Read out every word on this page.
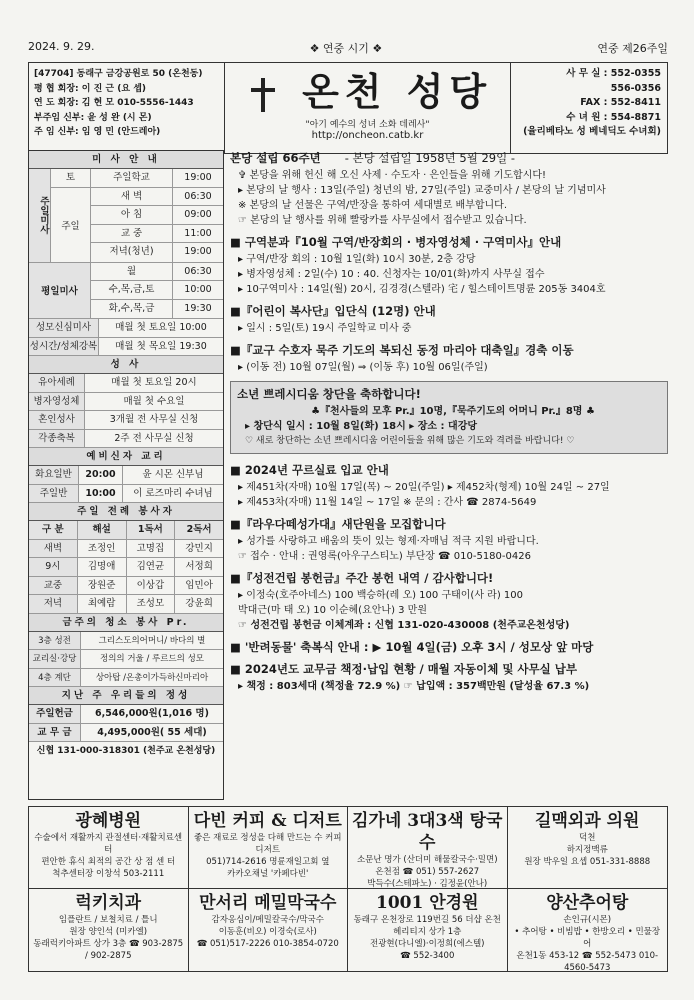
2024. 9. 29.	❖ 연중 시기 ❖	연중 제26주일
[47704] 동래구 금강공원로 50 (온천동)
평 협 회장: 이 진 근 (요 셉)
연 도 회장: 김 현 모 010-5556-1443
부주임 신부: 윤 성 완 (시 몬)
주 임 신부: 임 영 민 (안드레아)
온천 성당
"아기 예수의 성녀 소화 데레사"
http://oncheon.catb.kr
사 무 실 : 552-0355
556-0356
FAX : 552-8411
수 녀 원 : 554-8871
(율리베타노 성 베네딕도 수녀회)
미 사 안 내
주일미사
토	주일학교	19:00
주일
새 벽	06:30
아 침	09:00
교 중	11:00
저녁(청년)	19:00
평일미사
월	06:30
수,목,금,토	10:00
화,수,목,금	19:30
성모신심미사	매월 첫 토요일 10:00
성시간/성체강복	매월 첫 목요일 19:30
성 사
유아세례	매월 첫 토요일 20시
병자영성체	매월 첫 수요일
혼인성사	3개월 전 사무실 신청
각종축복	2주 전 사무실 신청
예비신자 교리
화요일반	20:00	윤 시몬 신부님
주일반	10:00	이 로즈마리 수녀님
주일 전례 봉사자
구 분	해설	1독서	2독서
새벽	조정인	고명집	강민지
9시	김명애	김연균	서정희
교중	장원준	이상갑	임민아
저녁	최예람	조성모	강윤희
금주의 청소 봉사 Pr.
3층 성전	그리스도의어머니/ 바다의 별
교리실·강당	정의의 거울 / 루르드의 성모
4층 계단	상아탑 /온총이가득하신마리아
지난 주 우리들의 정성
주일헌금	6,546,000원(1,016 명)
교 무 금	4,495,000원( 55 세대)
신협 131-000-318301 (천주교 온천성당)
본당 설립 66주년 - 본당 설립일 1958년 5월 29일 -
✞ 본당을 위해 헌신 해 오신 사제 · 수도자 · 은인들을 위해 기도합시다!
▸ 본당의 날 행사 : 13일(주일) 청년의 밤, 27일(주일) 교중미사 / 본당의 날 기념미사
※ 본당의 날 선물은 구역/반장을 통하여 세대별로 배부합니다.
☞ 본당의 날 행사를 위해 빨랑카를 사무실에서 접수받고 있습니다.
■ 구역분과『10월 구역/반장회의 · 병자영성체 · 구역미사』안내
▸ 구역/반장 회의 : 10월 1일(화) 10시 30분, 2층 강당
▸ 병자영성체 : 2일(수) 10 : 40. 신청자는 10/01(화)까지 사무실 접수
▸ 10구역미사 : 14일(월) 20시, 김경경(스텔라) 宅 / 힐스테이트명륜 205동 3404호
■『어린이 복사단』입단식 (12명) 안내
▸ 일시 : 5일(토) 19시 주일학교 미사 중
■『교구 수호자 묵주 기도의 복되신 동정 마리아 대축일』경축 이동
▸ (이동 전) 10월 07일(월) ⇒ (이동 후) 10월 06일(주일)
소년 쁘레시디움 창단을 축하합니다!
♣『천사들의 모후 Pr.』10명,『묵주기도의 어머니 Pr.』8명 ♣
▸ 창단식 일시 : 10월 8일(화) 18시 ▸ 장소 : 대강당
♡ 새로 창단하는 소년 쁘레시디움 어린이들을 위해 많은 기도와 격려를 바랍니다! ♡
■ 2024년 꾸르실료 입교 안내
▸ 제451차(자매) 10월 17일(목) ~ 20일(주일) ▸ 제452차(형제) 10월 24일 ~ 27일
▸ 제453차(자매) 11월 14일 ~ 17일 ※ 문의 : 간사 ☎ 2874-5649
■『라우다떼성가대』새단원을 모집합니다
▸ 성가를 사랑하고 배움의 뜻이 있는 형제·자매님 적극 지원 바랍니다.
☞ 접수 · 안내 : 권영록(아우구스티노) 부단장 ☎ 010-5180-0426
■『성전건립 봉헌금』주간 봉헌 내역 / 감사합니다!
▸ 이정숙(호주아네스) 100 백승하(레 오) 100 구태이(사 라) 100
박대근(마 태 오) 10 이순혜(요안나) 3 만원
☞ 성전건립 봉헌금 이체계좌 : 신협 131-020-430008 (천주교온천성당)
■ '반려동물' 축복식 안내 : ▶ 10월 4일(금) 오후 3시 / 성모상 앞 마당
■ 2024년도 교무금 책정·납입 현황 / 매월 자동이체 및 사무실 납부
▸ 책정 : 803세대 (책정율 72.9 %) ☞ 납입액 : 357백만원 (달성율 67.3 %)
광혜병원
수술에서 재활까지 관절센터·재활치료센터
편안한 휴식 최적의 공간 상 점 센 터
척추센터장 이창석 503-2111
다빈 커피 & 디저트
좋은 재료로 정성을 다해 만드는 수 커피 디저트
051)714-2616 명륜재일고회 옆
카카오채널 '카페다빈'
김가네 3대3색 탕국수
소문난 명가 (산더미 해물칼국수·밀면)
온천점 ☎ 051) 557-2627
박득수(스테파노) · 김정윤(안나)
길맥외과 의원
덕천
하지정맥류
원장 박우일 요셉 051-331-8888
럭키치과
임플란트 / 보철치료 / 틀니
원장 양인석 (미카엘)
동래럭키아파트 상가 3층 ☎ 903-2875 / 902-2875
만서리 메밀막국수
감자옹심이/메밀칼국수/막국수
이동훈(비오) 이경숙(로사)
☎ 051)517-2226 010-3854-0720
1001 안경원
동래구 온천장로 119번길 56 더샵 온천헤리티지 상가 1층
전광현(다니엘)·이정희(에스텔)
☎ 552-3400
양산추어탕
손인규(시몬)
• 추어탕 • 비빔밥 • 한방오리 • 민물장어
온천1동 453-12 ☎ 552-5473 010-4560-5473
